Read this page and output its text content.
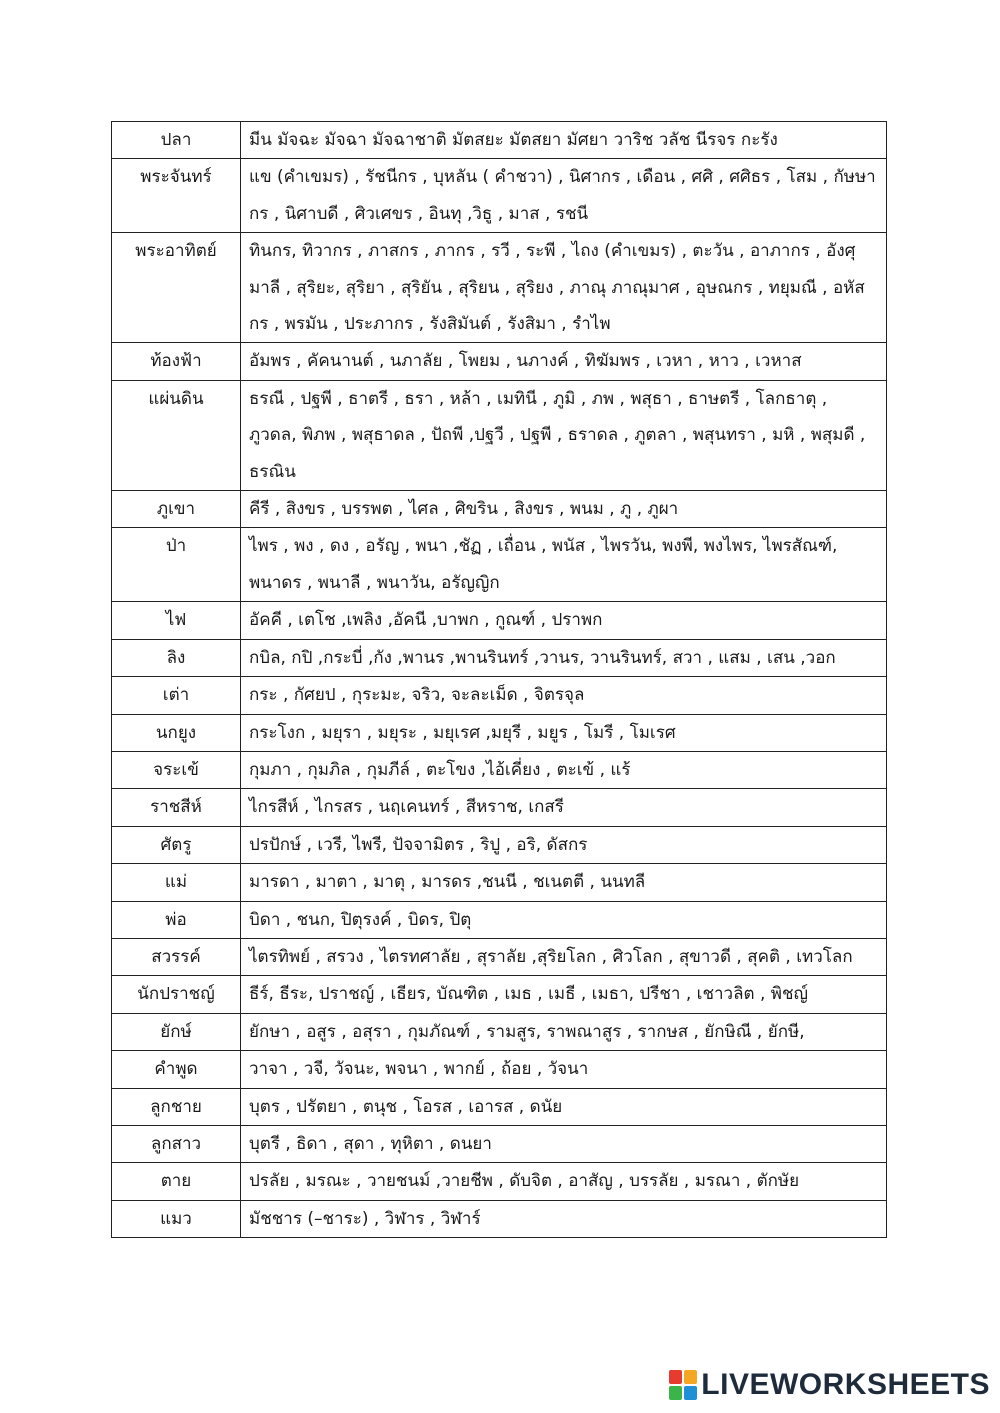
ปลา	มีน มัจฉะ มัจฉา มัจฉาชาติ มัตสยะ มัตสยา มัศยา วาริช วลัช นีรจร กะรัง
พระจันทร์	แข (คำเขมร) , รัชนีกร , บุหลัน ( คำชวา) , นิศากร , เดือน , ศศิ , ศศิธร , โสม , กัษษากร , นิศาบดี , ศิวเศขร , อินทุ ,วิธู , มาส , รชนี
พระอาทิตย์	ทินกร, ทิวากร , ภาสกร , ภากร , รวี , ระพี , ไถง (คำเขมร) , ตะวัน , อาภากร , อังศุมาลี , สุริยะ, สุริยา , สุริยัน , สุริยน , สุริยง , ภาณุ ภาณุมาศ , อุษณกร , ทยุมณี , อหัสกร , พรมัน , ประภากร , รังสิมันต์ , รังสิมา , รำไพ
ท้องฟ้า	อัมพร , คัคนานต์ , นภาลัย , โพยม , นภางค์ , ทิฆัมพร , เวหา , หาว , เวหาส
แผ่นดิน	ธรณี , ปฐพี , ธาตรี , ธรา , หล้า , เมทินี , ภูมิ , ภพ , พสุธา , ธาษตรี , โลกธาตุ , ภูวดล, พิภพ , พสุธาดล , ปัถพี ,ปฐวี , ปฐพี , ธราดล , ภูตลา , พสุนทรา , มหิ , พสุมดี , ธรณิน
ภูเขา	คีรี , สิงขร , บรรพต , ไศล , ศิขริน , สิงขร , พนม , ภู , ภูผา
ป่า	ไพร , พง , ดง , อรัญ , พนา ,ชัฏ , เถื่อน , พนัส , ไพรวัน, พงพี, พงไพร, ไพรสัณฑ์, พนาดร , พนาลี , พนาวัน, อรัญญิก
ไฟ	อัคคี , เตโช ,เพลิง ,อัคนี ,บาพก , กูณฑ์ , ปราพก
ลิง	กบิล, กปิ ,กระบี่ ,กัง ,พานร ,พานรินทร์ ,วานร, วานรินทร์, สวา , แสม , เสน ,วอก
เต่า	กระ , กัศยป , กุระมะ, จริว, จะละเม็ด , จิตรจุล
นกยูง	กระโงก , มยุรา , มยุระ , มยุเรศ ,มยุรี , มยูร , โมรี , โมเรศ
จระเข้	กุมภา , กุมภิล , กุมภีล์ , ตะโขง ,ไอ้เคี่ยง , ตะเข้ , แร้
ราชสีห์	ไกรสีห์ , ไกรสร , นฤเคนทร์ , สีหราช, เกสรี
ศัตรู	ปรปักษ์ , เวรี, ไพรี, ปัจจามิตร , ริปู , อริ, ดัสกร
แม่	มารดา , มาตา , มาตุ , มารดร ,ชนนี , ชเนตตี , นนทลี
พ่อ	บิดา , ชนก, ปิตุรงค์ , บิดร, ปิตุ
สวรรค์	ไตรทิพย์ , สรวง , ไตรทศาลัย , สุราลัย ,สุริยโลก , ศิวโลก , สุขาวดี , สุคติ , เทวโลก
นักปราชญ์	ธีร์, ธีระ, ปราชญ์ , เธียร, บัณฑิต , เมธ , เมธี , เมธา, ปรีชา , เชาวลิต , พิชญ์
ยักษ์	ยักษา , อสูร , อสุรา , กุมภัณฑ์ , รามสูร, ราพณาสูร , รากษส , ยักษิณี , ยักษี,
คำพูด	วาจา , วจี, วัจนะ, พจนา , พากย์ , ถ้อย , วัจนา
ลูกชาย	บุตร , ปรัตยา , ตนุช , โอรส , เอารส , ดนัย
ลูกสาว	บุตรี , ธิดา , สุดา , ทุหิตา , ดนยา
ตาย	ปรลัย , มรณะ , วายชนม์ ,วายชีพ , ดับจิต , อาสัญ , บรรลัย , มรณา , ตักษัย
แมว	มัชชาร (–ชาระ) , วิฬาร , วิฬาร์
LIVEWORKSHEETS
